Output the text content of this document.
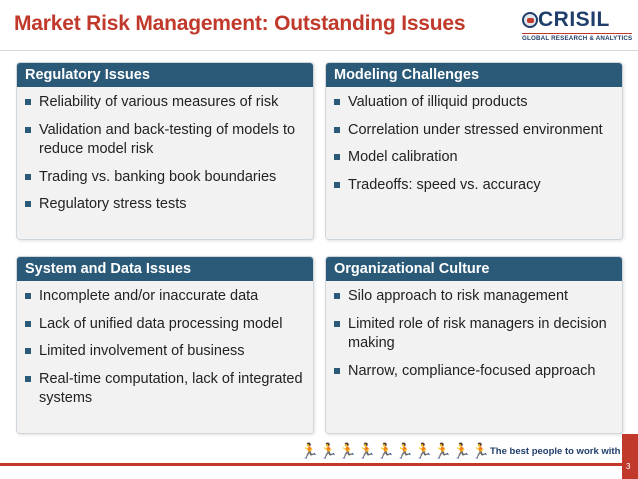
Market Risk Management: Outstanding Issues	CRISIL
GLOBAL RESEARCH & ANALYTICS
Regulatory Issues
Reliability of various measures of risk
Validation and back-testing of models to reduce model risk
Trading vs. banking book boundaries
Regulatory stress tests
Modeling Challenges
Valuation of illiquid products
Correlation under stressed environment
Model calibration
Tradeoffs: speed vs. accuracy
System and Data Issues
Incomplete and/or inaccurate data
Lack of unified data processing model
Limited involvement of business
Real-time computation, lack of integrated systems
Organizational Culture
Silo approach to risk management
Limited role of risk managers in decision making
Narrow, compliance-focused approach
🏃 🏃 🏃 🏃 🏃 🏃 🏃 🏃 🏃 🏃 The best people to work with
3
